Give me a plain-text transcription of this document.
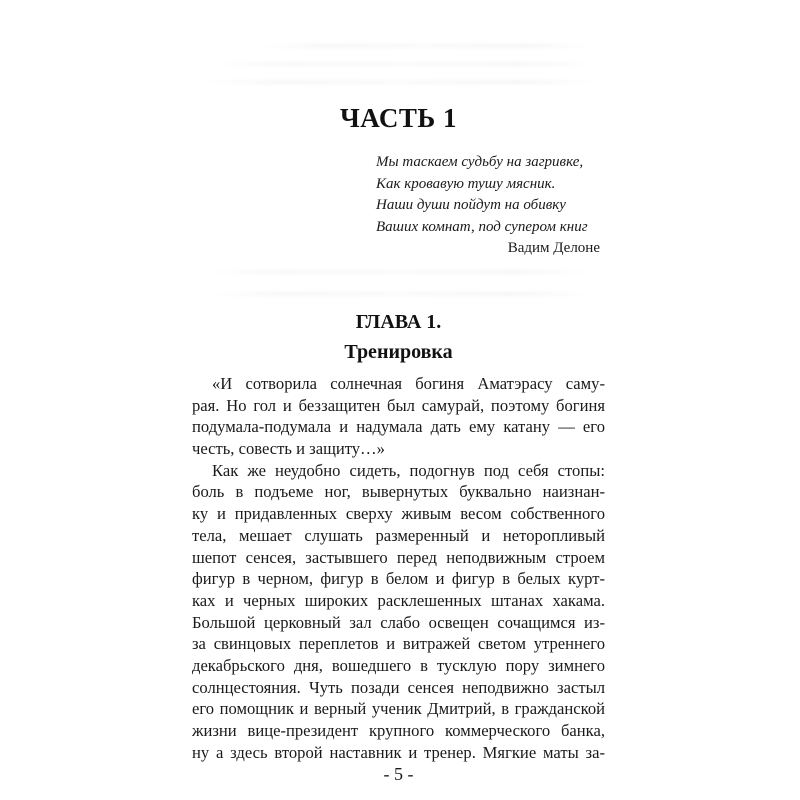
ЧАСТЬ 1
Мы таскаем судьбу на загривке,
Как кровавую тушу мясник.
Наши души пойдут на обивку
Ваших комнат, под супером книг
Вадим Делоне
ГЛАВА 1.
Тренировка
«И сотворила солнечная богиня Аматэрасу саму-
рая. Но гол и беззащитен был самурай, поэтому богиня
подумала-подумала и надумала дать ему катану — его
честь, совесть и защиту…»
Как же неудобно сидеть, подогнув под себя стопы:
боль в подъеме ног, вывернутых буквально наизнан-
ку и придавленных сверху живым весом собственного
тела, мешает слушать размеренный и неторопливый
шепот сенсея, застывшего перед неподвижным строем
фигур в черном, фигур в белом и фигур в белых курт-
ках и черных широких расклешенных штанах хакама.
Большой церковный зал слабо освещен сочащимся из-
за свинцовых переплетов и витражей светом утреннего
декабрьского дня, вошедшего в тусклую пору зимнего
солнцестояния. Чуть позади сенсея неподвижно застыл
его помощник и верный ученик Дмитрий, в гражданской
жизни вице-президент крупного коммерческого банка,
ну а здесь второй наставник и тренер. Мягкие маты за-
- 5 -
